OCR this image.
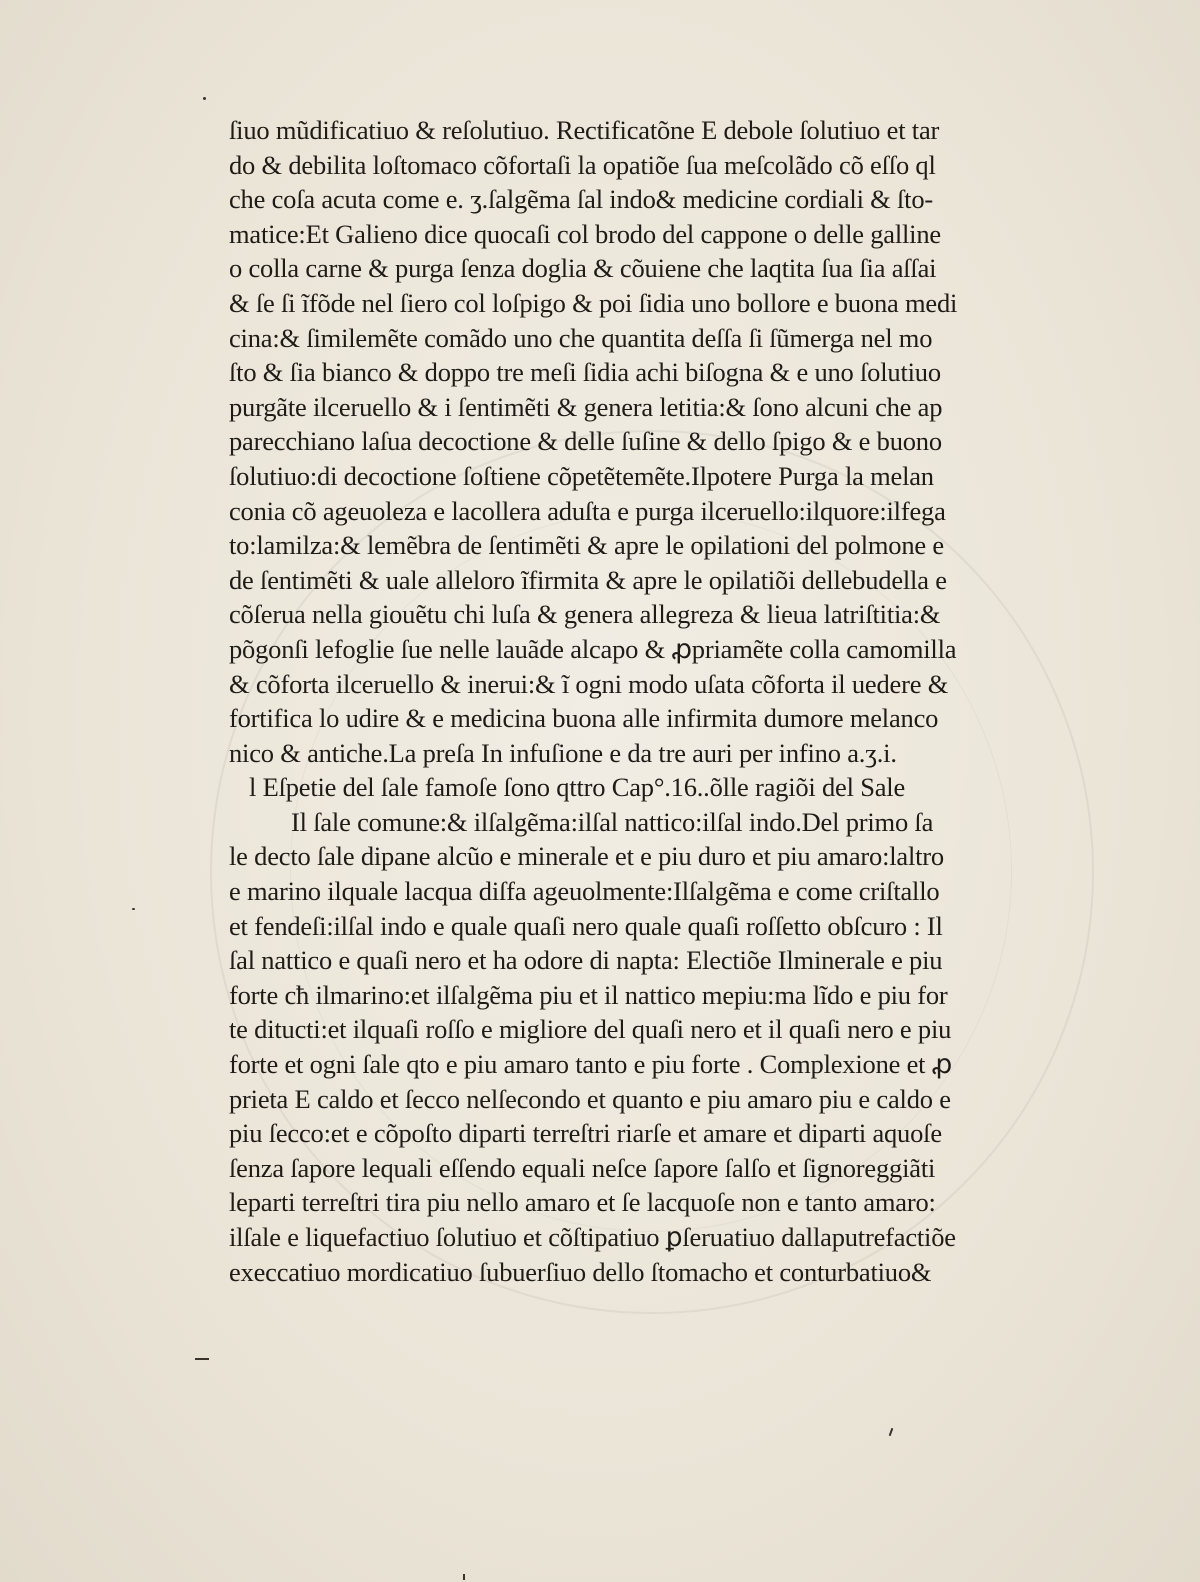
ſiuo mũdificatiuo & reſolutiuo. Rectificatõne E debole ſolutiuo et tar
do & debilita loſtomaco cõfortaſi la opatiõe ſua meſcolãdo cõ eſſo ql
che coſa acuta come e. ʒ.ſalgẽma ſal indo& medicine cordiali & ſto-
matice:Et Galieno dice quocaſi col brodo del cappone o delle galline
o colla carne & purga ſenza doglia & cõuiene che laqtita ſua ſia aſſai
& ſe ſi ĩfõde nel ſiero col loſpigo & poi ſidia uno bollore e buona medi
cina:& ſimilemẽte comãdo uno che quantita deſſa ſi ſũmerga nel mo
ſto & ſia bianco & doppo tre meſi ſidia achi biſogna & e uno ſolutiuo
purgãte ilceruello & i ſentimẽti & genera letitia:& ſono alcuni che ap
parecchiano laſua decoctione & delle ſuſine & dello ſpigo & e buono
ſolutiuo:di decoctione ſoſtiene cõpetẽtemẽte.Ilpotere Purga la melan
conia cõ ageuoleza e lacollera aduſta e purga ilceruello:ilquore:ilfega
to:lamilza:& lemẽbra de ſentimẽti & apre le opilationi del polmone e
de ſentimẽti & uale alleloro ĩfirmita & apre le opilatiõi dellebudella e
cõſerua nella giouẽtu chi luſa & genera allegreza & lieua latriſtitia:&
põgonſi lefoglie ſue nelle lauãde alcapo & ꝓpriamẽte colla camomilla
& cõforta ilceruello & inerui:& ĩ ogni modo uſata cõforta il uedere &
fortifica lo udire & e medicina buona alle infirmita dumore melanco
nico & antiche.La preſa In infuſione e da tre auri per infino a.ʒ.i.
l Eſpetie del ſale famoſe ſono qttro Cap°.16..õlle ragiõi del Sale
Il ſale comune:& ilſalgẽma:ilſal nattico:ilſal indo.Del primo ſa
le decto ſale dipane alcũo e minerale et e piu duro et piu amaro:laltro
e marino ilquale lacqua diſfa ageuolmente:Ilſalgẽma e come criſtallo
et fendeſi:ilſal indo e quale quaſi nero quale quaſi roſſetto obſcuro : Il
ſal nattico e quaſi nero et ha odore di napta: Electiõe Ilminerale e piu
forte cħ ilmarino:et ilſalgẽma piu et il nattico mepiu:ma lĩdo e piu for
te ditucti:et ilquaſi roſſo e migliore del quaſi nero et il quaſi nero e piu
forte et ogni ſale qto e piu amaro tanto e piu forte . Complexione et ꝓ
prieta E caldo et ſecco nelſecondo et quanto e piu amaro piu e caldo e
piu ſecco:et e cõpoſto diparti terreſtri riarſe et amare et diparti aquoſe
ſenza ſapore lequali eſſendo equali neſce ſapore ſalſo et ſignoreggiãti
leparti terreſtri tira piu nello amaro et ſe lacquoſe non e tanto amaro:
ilſale e liquefactiuo ſolutiuo et cõſtipatiuo ꝑſeruatiuo dallaputrefactiõe
execcatiuo mordicatiuo ſubuerſiuo dello ſtomacho et conturbatiuo&
